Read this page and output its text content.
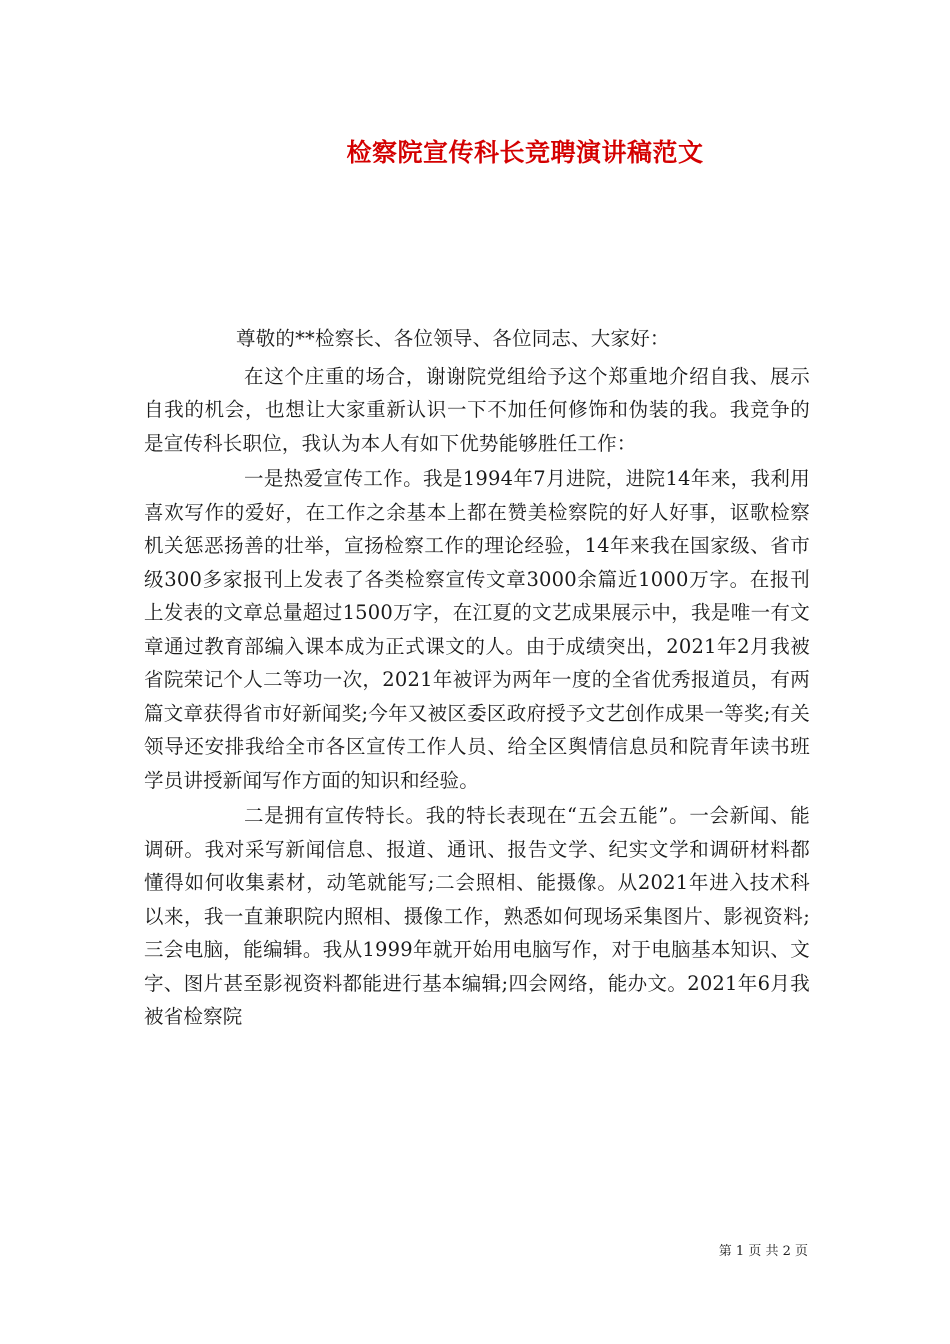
检察院宣传科长竞聘演讲稿范文

尊敬的**检察长、各位领导、各位同志、大家好：

在这个庄重的场合，谢谢院党组给予这个郑重地介绍自我、展示自我的机会，也想让大家重新认识一下不加任何修饰和伪装的我。我竞争的是宣传科长职位，我认为本人有如下优势能够胜任工作：

一是热爱宣传工作。我是1994年7月进院，进院14年来，我利用喜欢写作的爱好，在工作之余基本上都在赞美检察院的好人好事，讴歌检察机关惩恶扬善的壮举，宣扬检察工作的理论经验，14年来我在国家级、省市级300多家报刊上发表了各类检察宣传文章3000余篇近1000万字。在报刊上发表的文章总量超过1500万字，在江夏的文艺成果展示中，我是唯一有文章通过教育部编入课本成为正式课文的人。由于成绩突出，2021年2月我被省院荣记个人二等功一次，2021年被评为两年一度的全省优秀报道员，有两篇文章获得省市好新闻奖;今年又被区委区政府授予文艺创作成果一等奖;有关领导还安排我给全市各区宣传工作人员、给全区舆情信息员和院青年读书班学员讲授新闻写作方面的知识和经验。

二是拥有宣传特长。我的特长表现在“五会五能”。一会新闻、能调研。我对采写新闻信息、报道、通讯、报告文学、纪实文学和调研材料都懂得如何收集素材，动笔就能写;二会照相、能摄像。从2021年进入技术科以来，我一直兼职院内照相、摄像工作，熟悉如何现场采集图片、影视资料;三会电脑，能编辑。我从1999年就开始用电脑写作，对于电脑基本知识、文字、图片甚至影视资料都能进行基本编辑;四会网络，能办文。2021年6月我被省检察院

第 1 页 共 2 页
